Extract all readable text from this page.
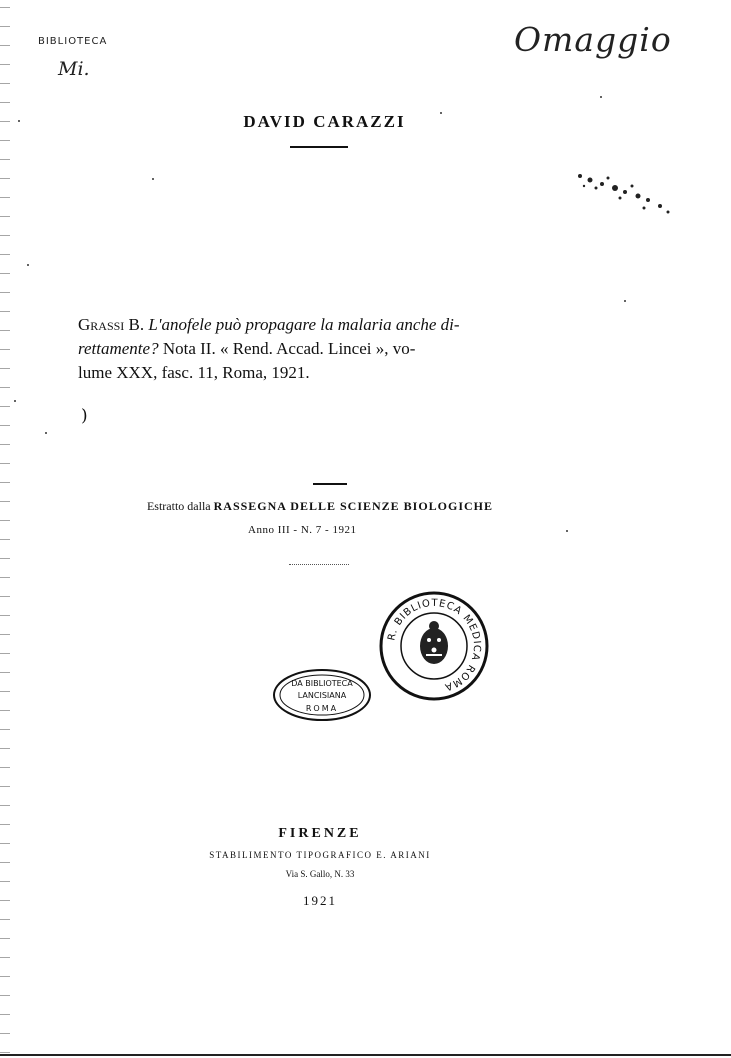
BIBLIOTECA
Mi.
Omaggio
DAVID CARAZZI
Grassi B. L'anofele può propagare la malaria anche di-
rettamente? Nota II. « Rend. Accad. Lincei », vo-
lume XXX, fasc. 11, Roma, 1921.
)
Estratto dalla RASSEGNA DELLE SCIENZE BIOLOGICHE
Anno III - N. 7 - 1921
R. BIBLIOTECA MEDICA ROMA
DA BIBLIOTECA
LANCISIANA
ROMA
FIRENZE
STABILIMENTO TIPOGRAFICO E. ARIANI
Via S. Gallo, N. 33
1921
